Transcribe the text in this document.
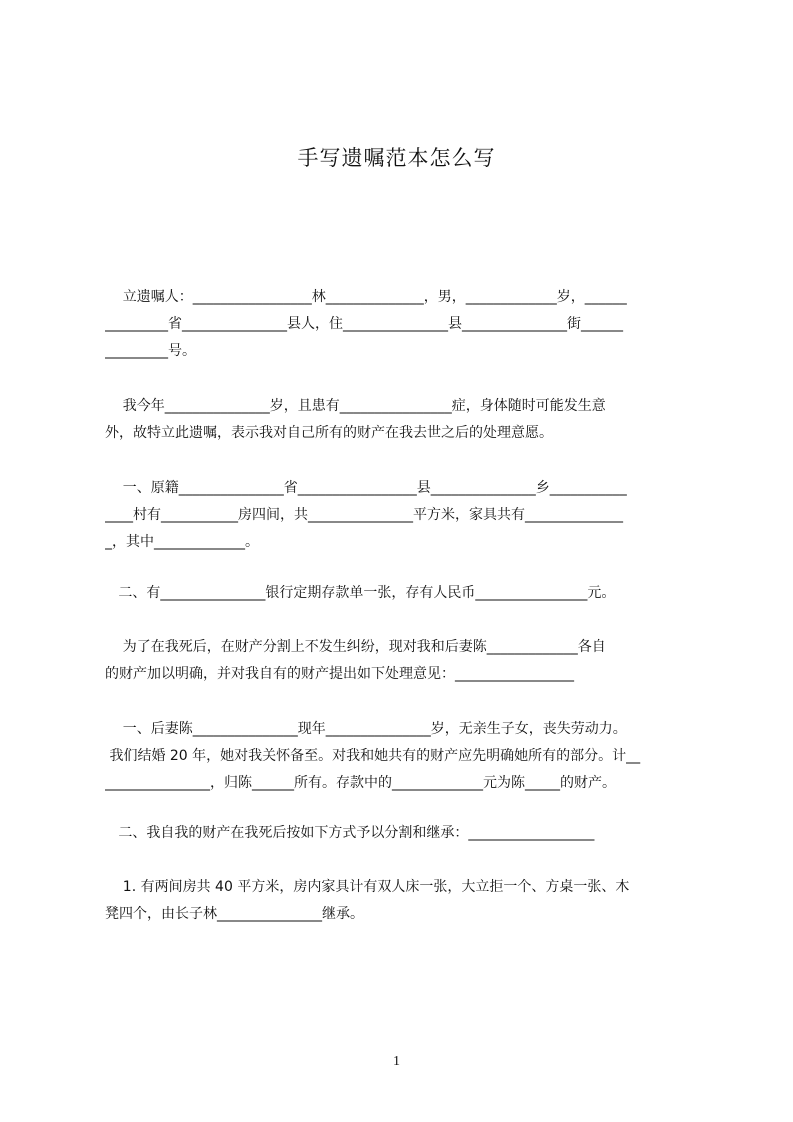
手写遗嘱范本怎么写
立遗嘱人：_________________林______________，男，_____________岁，______
_________省_______________县人，住_______________县_______________街______
_________号。
我今年_______________岁，且患有________________症，身体随时可能发生意
外，故特立此遗嘱，表示我对自己所有的财产在我去世之后的处理意愿。
一、原籍_______________省_________________县_______________乡___________
____村有___________房四间，共_______________平方米，家具共有______________
_，其中_____________。
二、有_______________银行定期存款单一张，存有人民币________________元。
为了在我死后，在财产分割上不发生纠纷，现对我和后妻陈_____________各自
的财产加以明确，并对我自有的财产提出如下处理意见：_________________
一、后妻陈_______________现年_______________岁，无亲生子女，丧失劳动力。
我们结婚 20 年，她对我关怀备至。对我和她共有的财产应先明确她所有的部分。计__
_______________，归陈______所有。存款中的_____________元为陈_____的财产。
二、我自我的财产在我死后按如下方式予以分割和继承：__________________
1. 有两间房共 40 平方米，房内家具计有双人床一张，大立拒一个、方桌一张、木
凳四个，由长子林_______________继承。
1
